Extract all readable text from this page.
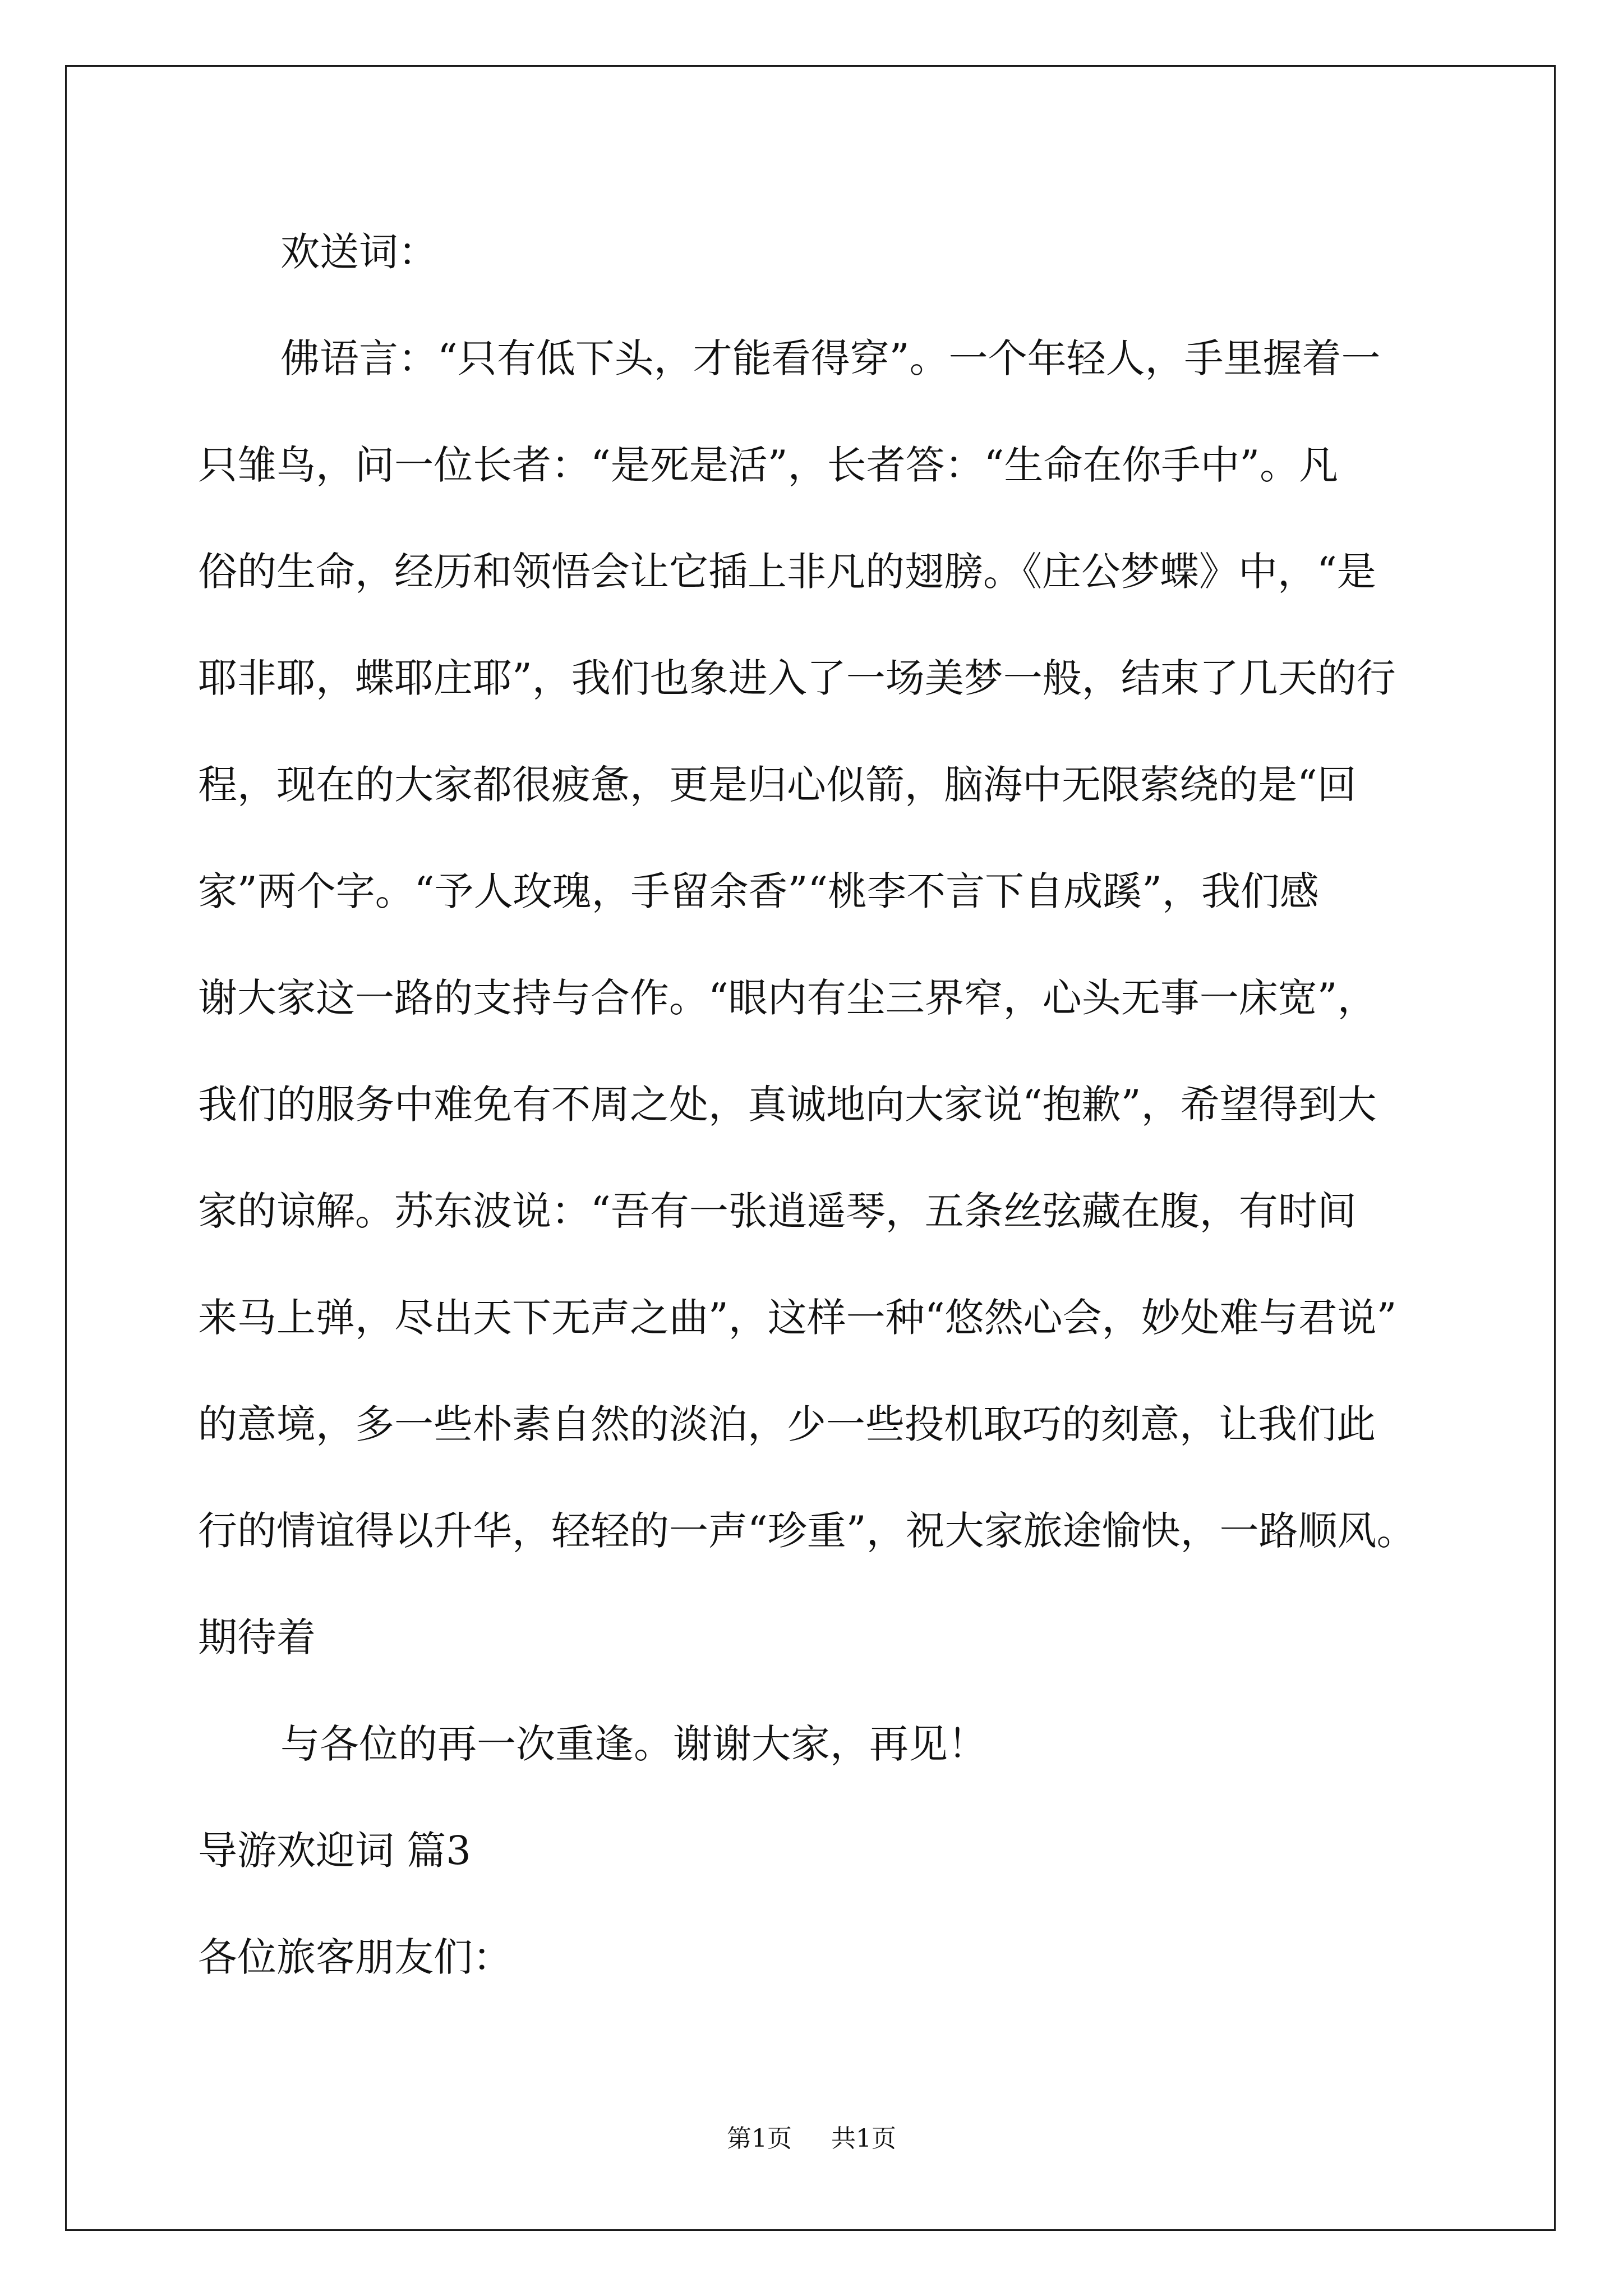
欢送词：
佛语言：“只有低下头，才能看得穿”。一个年轻人，手里握着一
只雏鸟，问一位长者：“是死是活”，长者答：“生命在你手中”。凡
俗的生命，经历和领悟会让它插上非凡的翅膀。《庄公梦蝶》中，“是
耶非耶，蝶耶庄耶”，我们也象进入了一场美梦一般，结束了几天的行
程，现在的大家都很疲惫，更是归心似箭，脑海中无限萦绕的是“回
家”两个字。“予人玫瑰，手留余香”“桃李不言下自成蹊”，我们感
谢大家这一路的支持与合作。“眼内有尘三界窄，心头无事一床宽”，
我们的服务中难免有不周之处，真诚地向大家说“抱歉”，希望得到大
家的谅解。苏东波说：“吾有一张逍遥琴，五条丝弦藏在腹，有时间
来马上弹，尽出天下无声之曲”，这样一种“悠然心会，妙处难与君说”
的意境，多一些朴素自然的淡泊，少一些投机取巧的刻意，让我们此
行的情谊得以升华，轻轻的一声“珍重”，祝大家旅途愉快，一路顺风。
期待着
与各位的再一次重逢。谢谢大家，再见！
导游欢迎词 篇3
各位旅客朋友们：
第1页 共1页
